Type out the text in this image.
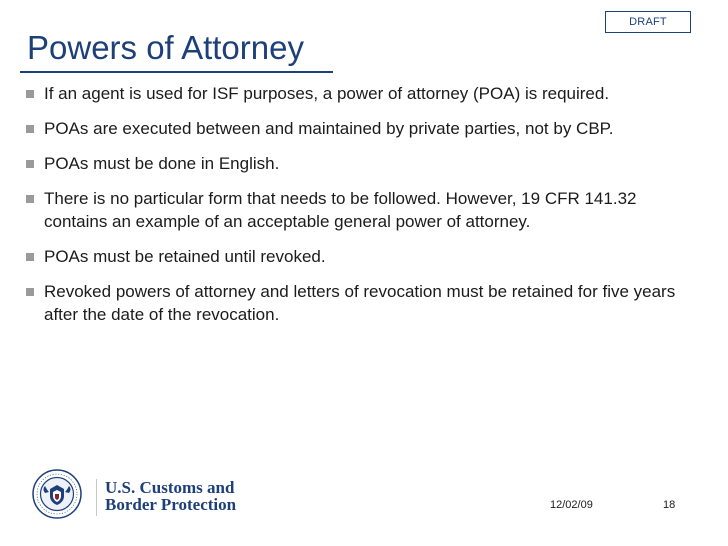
DRAFT
Powers of Attorney
If an agent is used for ISF purposes, a power of attorney (POA) is required.
POAs are executed between and maintained by private parties, not by CBP.
POAs must be done in English.
There is no particular form that needs to be followed. However, 19 CFR 141.32 contains an example of an acceptable general power of attorney.
POAs must be retained until revoked.
Revoked powers of attorney and letters of revocation must be retained for five years after the date of the revocation.
U.S. Customs and
Border Protection	12/02/09	18
